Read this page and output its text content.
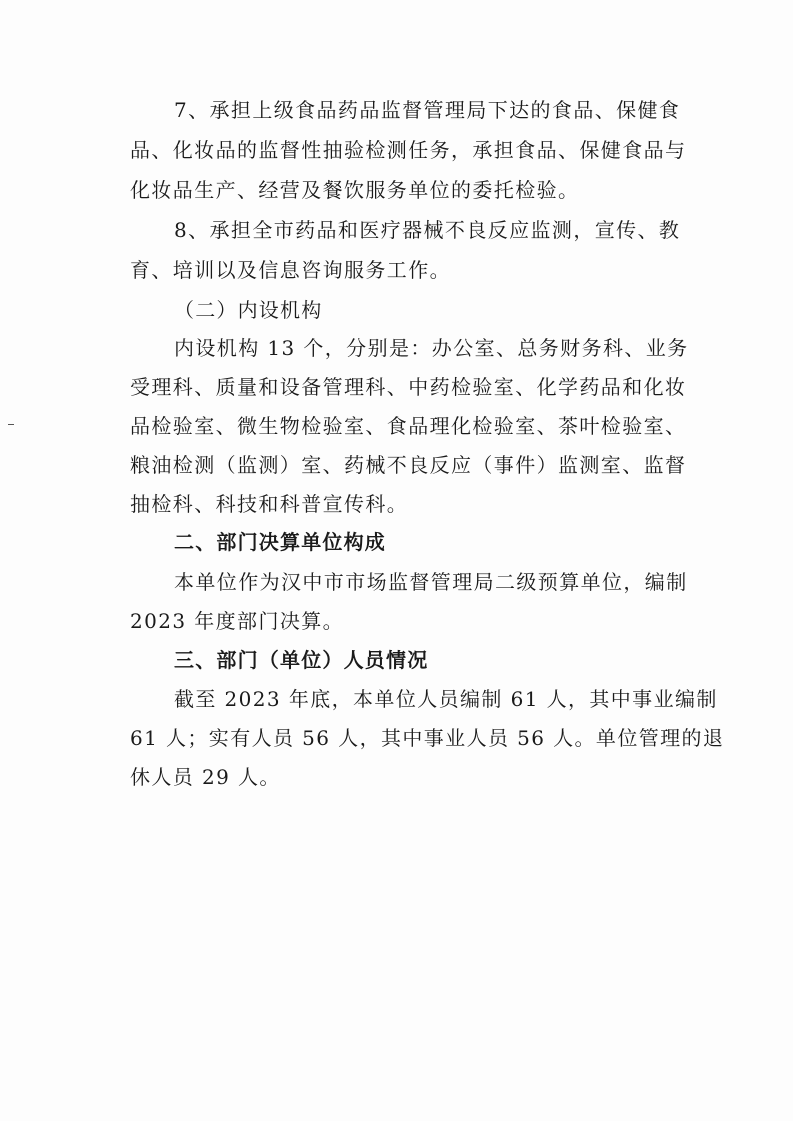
7、承担上级食品药品监督管理局下达的食品、保健食
品、化妆品的监督性抽验检测任务，承担食品、保健食品与
化妆品生产、经营及餐饮服务单位的委托检验。
8、承担全市药品和医疗器械不良反应监测，宣传、教
育、培训以及信息咨询服务工作。
（二）内设机构
内设机构 13 个，分别是：办公室、总务财务科、业务
受理科、质量和设备管理科、中药检验室、化学药品和化妆
品检验室、微生物检验室、食品理化检验室、茶叶检验室、
粮油检测（监测）室、药械不良反应（事件）监测室、监督
抽检科、科技和科普宣传科。
二、部门决算单位构成
本单位作为汉中市市场监督管理局二级预算单位，编制
2023 年度部门决算。
三、部门（单位）人员情况
截至 2023 年底，本单位人员编制 61 人，其中事业编制
61 人；实有人员 56 人，其中事业人员 56 人。单位管理的退
休人员 29 人。
